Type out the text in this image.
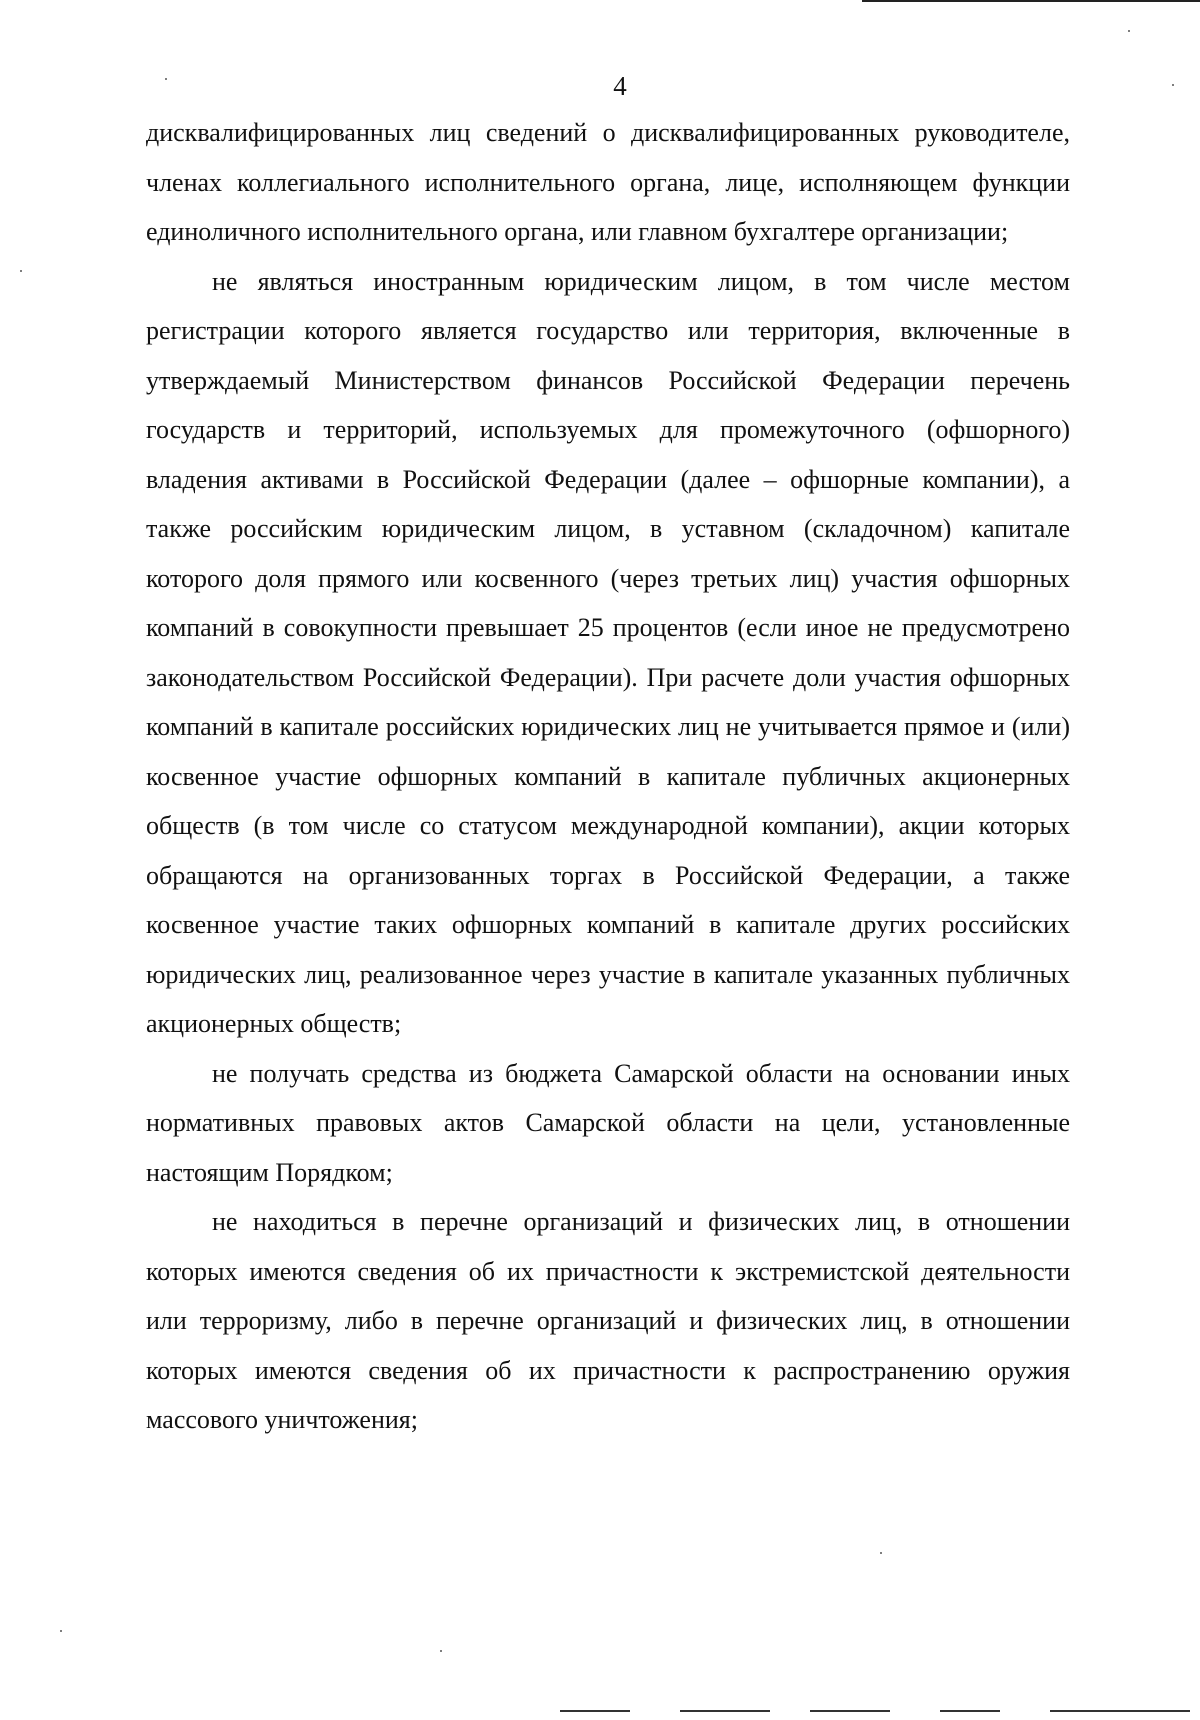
4

дисквалифицированных лиц сведений о дисквалифицированных руководителе, членах коллегиального исполнительного органа, лице, исполняющем функции единоличного исполнительного органа, или главном бухгалтере организации;

не являться иностранным юридическим лицом, в том числе местом регистрации которого является государство или территория, включенные в утверждаемый Министерством финансов Российской Федерации перечень государств и территорий, используемых для промежуточного (офшорного) владения активами в Российской Федерации (далее – офшорные компании), а также российским юридическим лицом, в уставном (складочном) капитале которого доля прямого или косвенного (через третьих лиц) участия офшорных компаний в совокупности превышает 25 процентов (если иное не предусмотрено законодательством Российской Федерации). При расчете доли участия офшорных компаний в капитале российских юридических лиц не учитывается прямое и (или) косвенное участие офшорных компаний в капитале публичных акционерных обществ (в том числе со статусом международной компании), акции которых обращаются на организованных торгах в Российской Федерации, а также косвенное участие таких офшорных компаний в капитале других российских юридических лиц, реализованное через участие в капитале указанных публичных акционерных обществ;

не получать средства из бюджета Самарской области на основании иных нормативных правовых актов Самарской области на цели, установленные настоящим Порядком;

не находиться в перечне организаций и физических лиц, в отношении которых имеются сведения об их причастности к экстремистской деятельности или терроризму, либо в перечне организаций и физических лиц, в отношении которых имеются сведения об их причастности к распространению оружия массового уничтожения;
